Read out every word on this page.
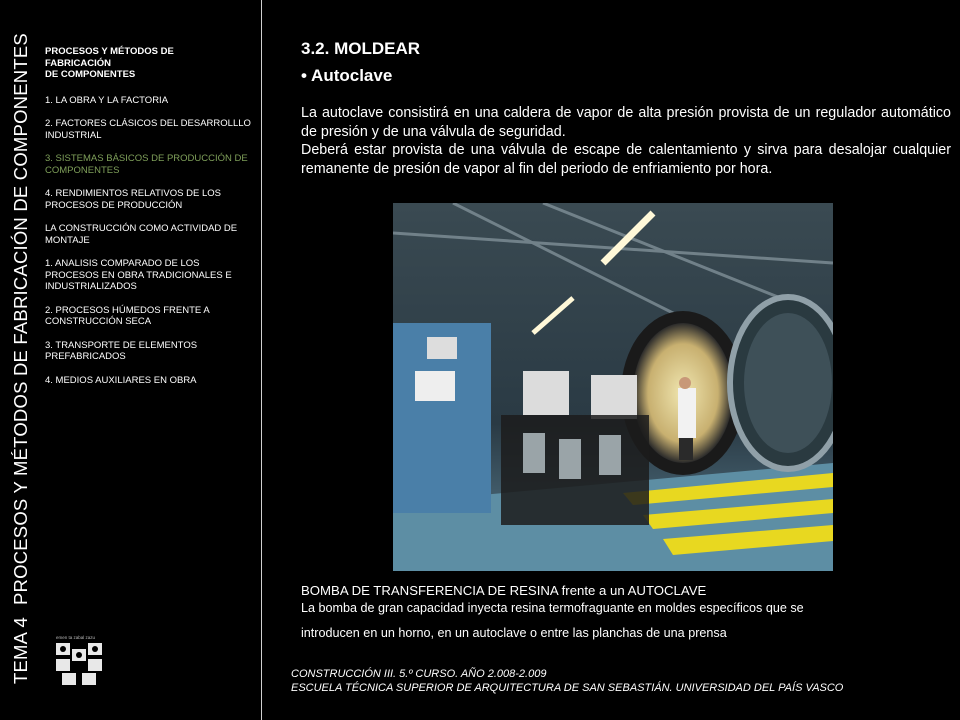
TEMA 4PROCESOS Y MÉTODOS DE FABRICACIÓN DE COMPONENTES	PROCESOS Y MÉTODOS DE
FABRICACIÓN
DE COMPONENTES
1. LA OBRA Y LA FACTORIA
2. FACTORES CLÁSICOS DEL DESARROLLLO INDUSTRIAL
3. SISTEMAS BÁSICOS DE PRODUCCIÓN DE COMPONENTES
4. RENDIMIENTOS RELATIVOS DE LOS PROCESOS DE PRODUCCIÓN
LA CONSTRUCCIÓN COMO ACTIVIDAD DE MONTAJE
1. ANALISIS COMPARADO DE LOS PROCESOS EN OBRA TRADICIONALES E INDUSTRIALIZADOS
2. PROCESOS HÚMEDOS FRENTE A CONSTRUCCIÓN SECA
3. TRANSPORTE DE ELEMENTOS PREFABRICADOS
4. MEDIOS AUXILIARES EN OBRA
emen ta zabal zazu
3.2. MOLDEAR
• Autoclave

La autoclave consistirá en una caldera de vapor de alta presión provista de un regulador automático de presión y de una válvula de seguridad.

Deberá estar provista de una válvula de escape de calentamiento y sirva para desalojar cualquier remanente de presión de vapor al fin del periodo de enfriamiento por hora.

BOMBA DE TRANSFERENCIA DE RESINA frente a un AUTOCLAVE
La bomba de gran capacidad inyecta resina termofraguante en moldes específicos que se
introducen en un horno, en un autoclave o entre las planchas de una prensa
CONSTRUCCIÓN III. 5.º CURSO. AÑO 2.008-2.009
ESCUELA TÉCNICA SUPERIOR DE ARQUITECTURA DE SAN SEBASTIÁN. UNIVERSIDAD DEL PAÍS VASCO
